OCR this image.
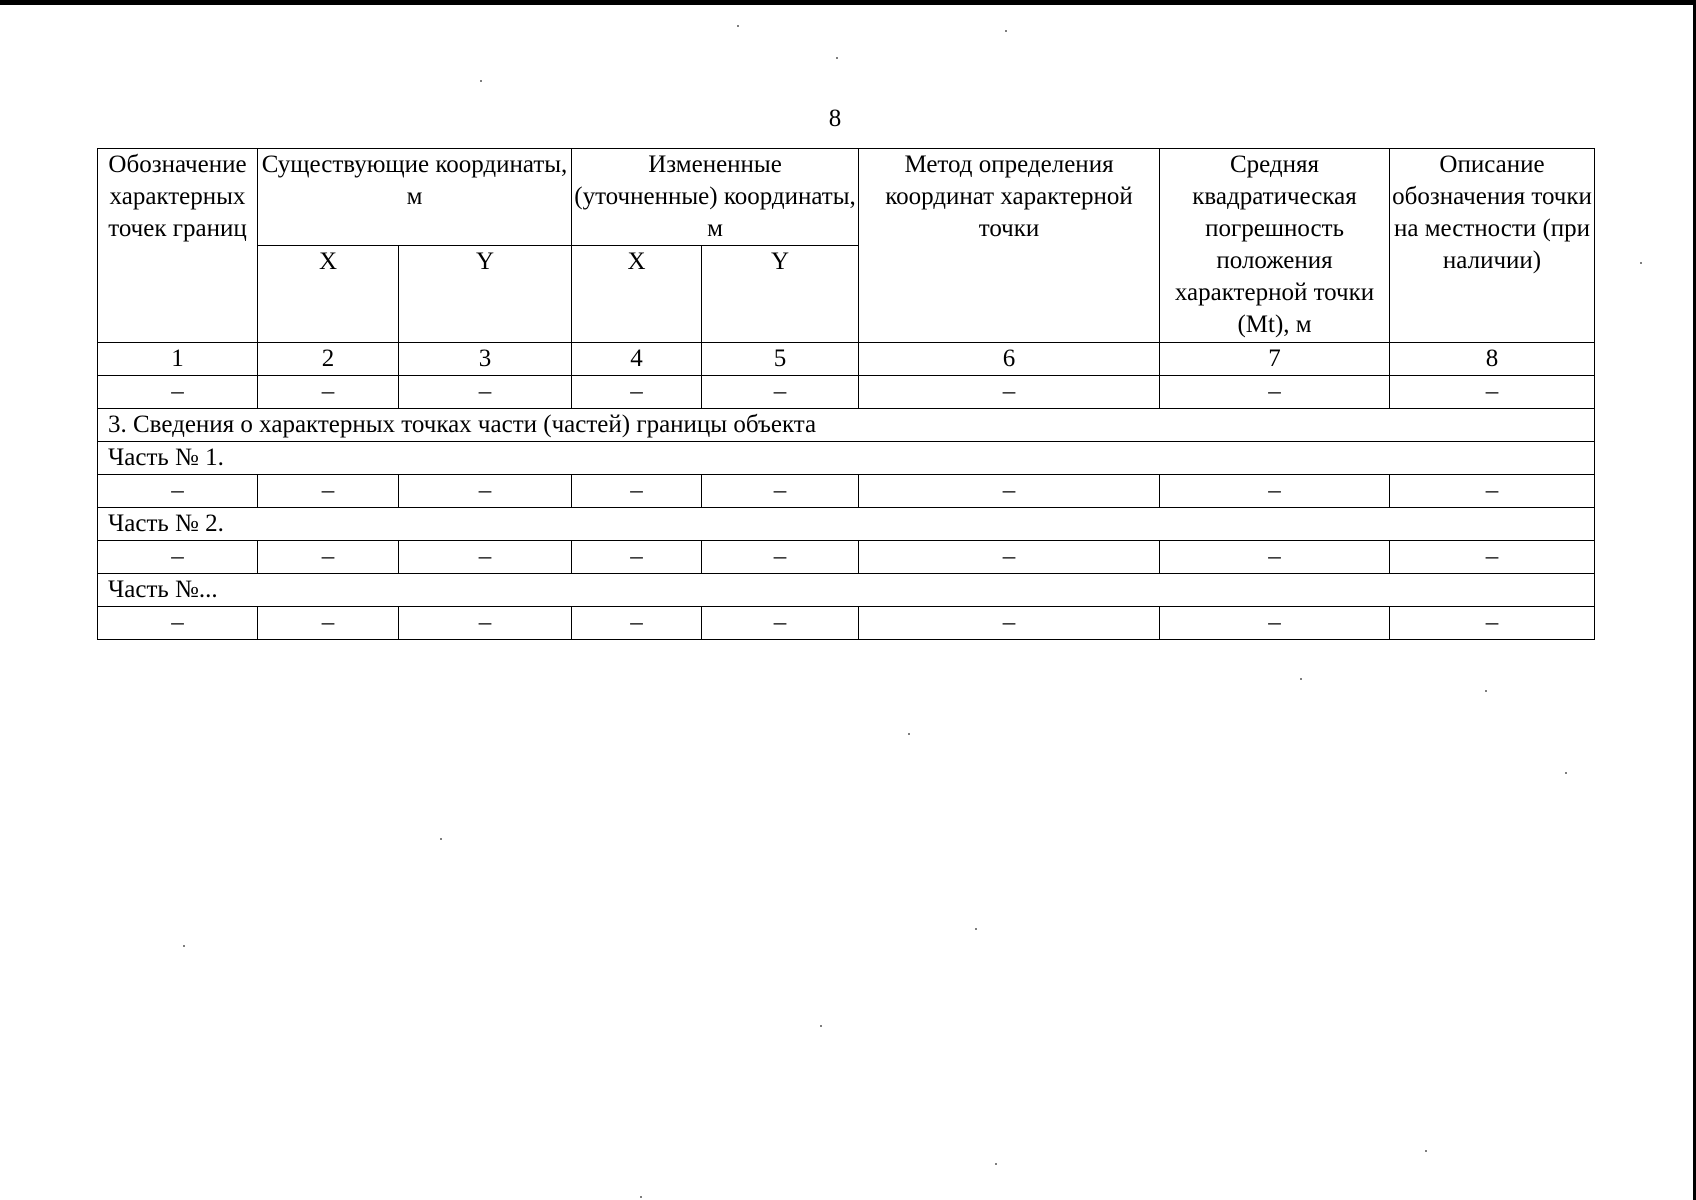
8
Обозначение характерных точек границ	Существующие координаты, м		Измененные (уточненные) координаты, м		Метод определения координат характерной точки	Средняя квадратическая погрешность положения характерной точки (Mt), м	Описание обозначения точки на местности (при наличии)
	X	Y	X	Y			
1	2	3	4	5	6	7	8
–	–	–	–	–	–	–	–
3. Сведения о характерных точках части (частей) границы объекта							
Часть № 1.							
–	–	–	–	–	–	–	–
Часть № 2.							
–	–	–	–	–	–	–	–
Часть №...							
–	–	–	–	–	–	–	–
